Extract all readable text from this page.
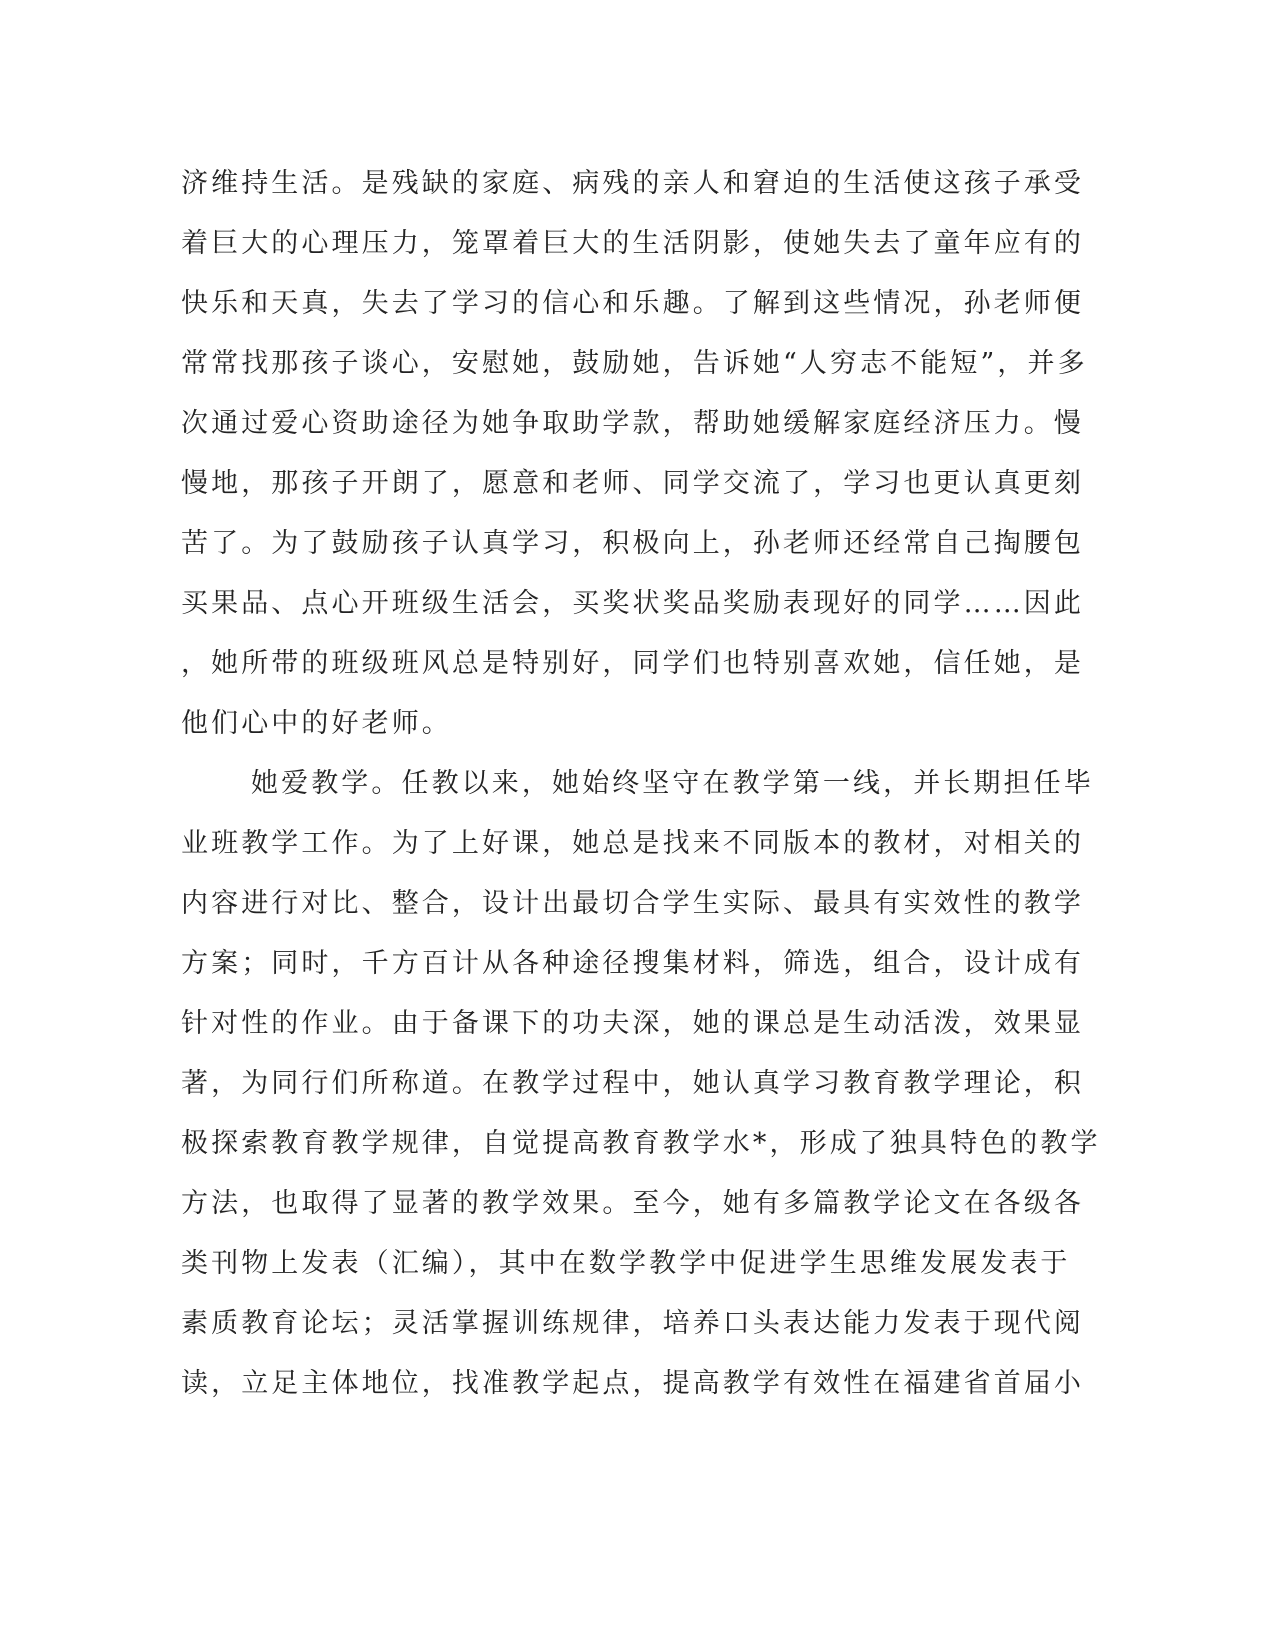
济维持生活。是残缺的家庭、病残的亲人和窘迫的生活使这孩子承受
着巨大的心理压力，笼罩着巨大的生活阴影，使她失去了童年应有的
快乐和天真，失去了学习的信心和乐趣。了解到这些情况，孙老师便
常常找那孩子谈心，安慰她，鼓励她，告诉她“人穷志不能短”，并多
次通过爱心资助途径为她争取助学款，帮助她缓解家庭经济压力。慢
慢地，那孩子开朗了，愿意和老师、同学交流了，学习也更认真更刻
苦了。为了鼓励孩子认真学习，积极向上，孙老师还经常自己掏腰包
买果品、点心开班级生活会，买奖状奖品奖励表现好的同学……因此
，她所带的班级班风总是特别好，同学们也特别喜欢她，信任她，是
他们心中的好老师。
她爱教学。任教以来，她始终坚守在教学第一线，并长期担任毕
业班教学工作。为了上好课，她总是找来不同版本的教材，对相关的
内容进行对比、整合，设计出最切合学生实际、最具有实效性的教学
方案；同时，千方百计从各种途径搜集材料，筛选，组合，设计成有
针对性的作业。由于备课下的功夫深，她的课总是生动活泼，效果显
著，为同行们所称道。在教学过程中，她认真学习教育教学理论，积
极探索教育教学规律，自觉提高教育教学水*，形成了独具特色的教学
方法，也取得了显著的教学效果。至今，她有多篇教学论文在各级各
类刊物上发表（汇编），其中在数学教学中促进学生思维发展发表于
素质教育论坛；灵活掌握训练规律，培养口头表达能力发表于现代阅
读，立足主体地位，找准教学起点，提高教学有效性在福建省首届小
